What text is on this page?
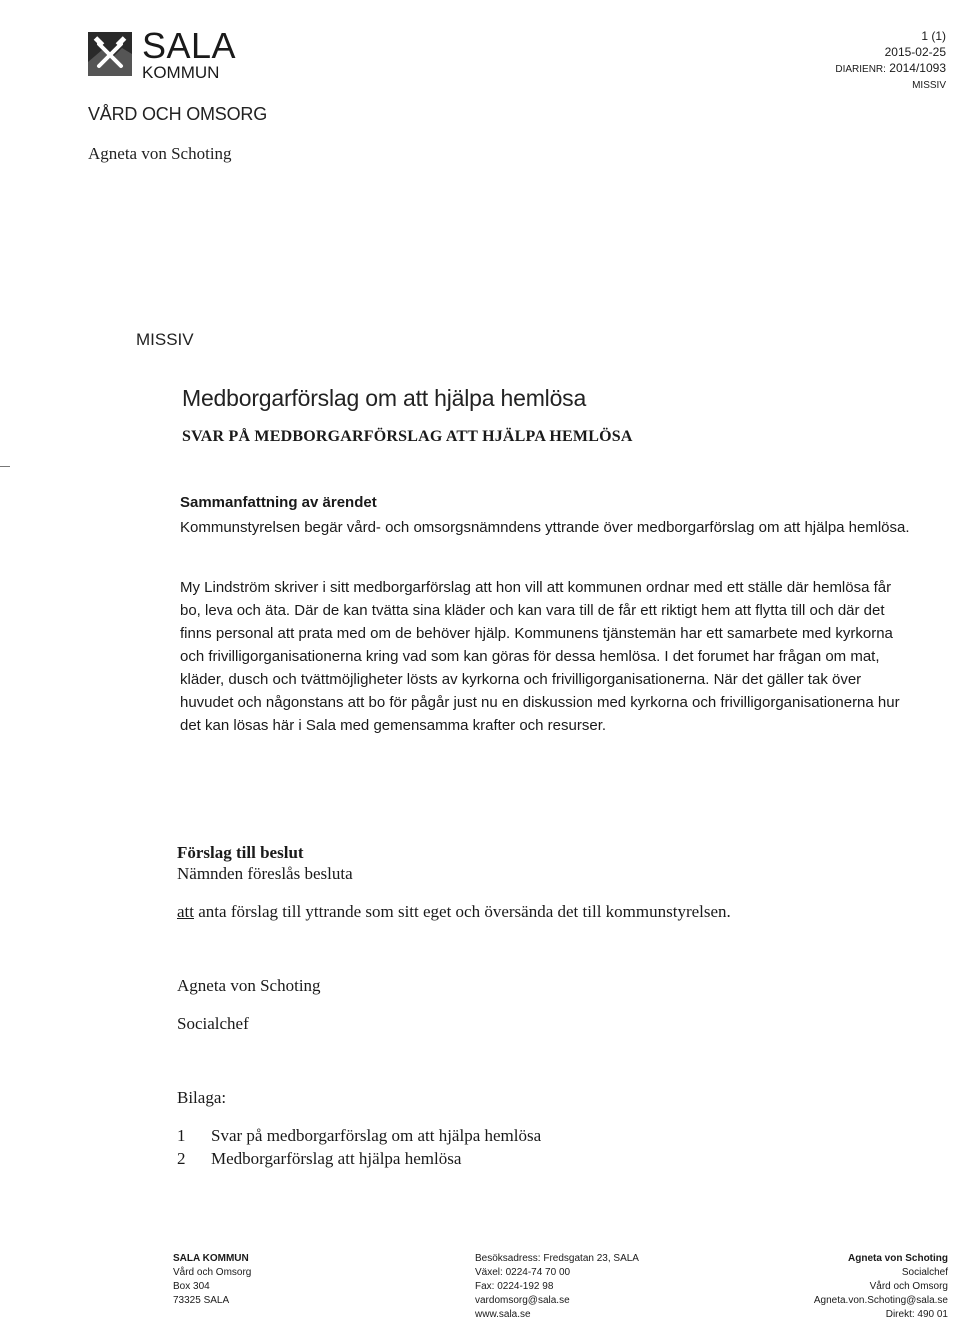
SALA
KOMMUN
VÅRD OCH OMSORG
Agneta von Schoting
1 (1)
2015-02-25
DIARIENR: 2014/1093
MISSIV
MISSIV
Medborgarförslag om att hjälpa hemlösa
SVAR PÅ MEDBORGARFÖRSLAG ATT HJÄLPA HEMLÖSA
Sammanfattning av ärendet
Kommunstyrelsen begär vård- och omsorgsnämndens yttrande över medborgarförslag om att hjälpa hemlösa.
My Lindström skriver i sitt medborgarförslag att hon vill att kommunen ordnar med ett ställe där hemlösa får bo, leva och äta. Där de kan tvätta sina kläder och kan vara till de får ett riktigt hem att flytta till och där det finns personal att prata med om de behöver hjälp. Kommunens tjänstemän har ett samarbete med kyrkorna och frivilligorganisationerna kring vad som kan göras för dessa hemlösa. I det forumet har frågan om mat, kläder, dusch och tvättmöjligheter lösts av kyrkorna och frivilligorganisationerna. När det gäller tak över huvudet och någonstans att bo för pågår just nu en diskussion med kyrkorna och frivilligorganisationerna hur det kan lösas här i Sala med gemensamma krafter och resurser.
Förslag till beslut
Nämnden föreslås besluta
att anta förslag till yttrande som sitt eget och översända det till kommunstyrelsen.
Agneta von Schoting
Socialchef
Bilaga:
1 Svar på medborgarförslag om att hjälpa hemlösa
2 Medborgarförslag att hjälpa hemlösa
SALA KOMMUN
Vård och Omsorg
Box 304
73325 SALA
Besöksadress: Fredsgatan 23, SALA
Växel: 0224-74 70 00
Fax: 0224-192 98
vardomsorg@sala.se
www.sala.se
Agneta von Schoting
Socialchef
Vård och Omsorg
Agneta.von.Schoting@sala.se
Direkt: 490 01
